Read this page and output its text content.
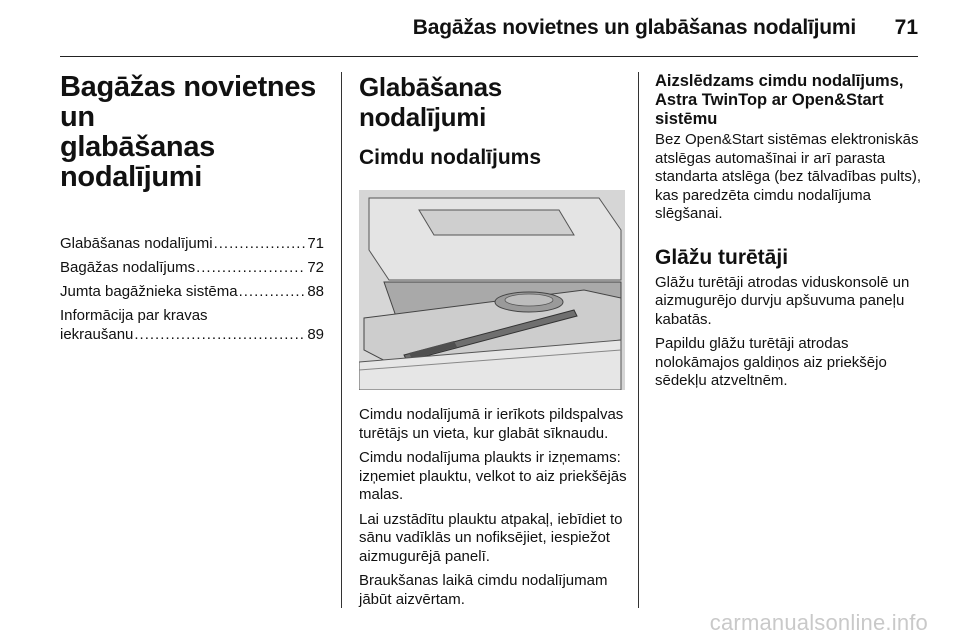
Bagāžas novietnes un glabāšanas nodalījumi 71
Bagāžas novietnes un
glabāšanas
nodalījumi
Glabāšanas nodalījumi .....	71
Bagāžas nodalījums .....	72
Jumta bagāžnieka sistēma .....	88
Informācija par kravas
iekraušanu .....	89
Glabāšanas nodalījumi
Cimdu nodalījums

Cimdu nodalījumā ir ierīkots pildspalvas turētājs un vieta, kur glabāt sīknaudu.

Cimdu nodalījuma plaukts ir izņemams: izņemiet plauktu, velkot to aiz priekšējās malas.

Lai uzstādītu plauktu atpakaļ, iebīdiet to sānu vadīklās un nofiksējiet, iespiežot aizmugurējā panelī.

Braukšanas laikā cimdu nodalījumam jābūt aizvērtam.

Aizslēdzams cimdu nodalījums,
Astra TwinTop ar Open&Start
sistēmu

Bez Open&Start sistēmas elektroniskās atslēgas automašīnai ir arī parasta standarta atslēga (bez tālvadības pults), kas paredzēta cimdu nodalījuma slēgšanai.

Glāžu turētāji

Glāžu turētāji atrodas viduskonsolē un aizmugurējo durvju apšuvuma paneļu kabatās.

Papildu glāžu turētāji atrodas nolokāmajos galdiņos aiz priekšējo sēdekļu atzveltnēm.

carmanualsonline.info
